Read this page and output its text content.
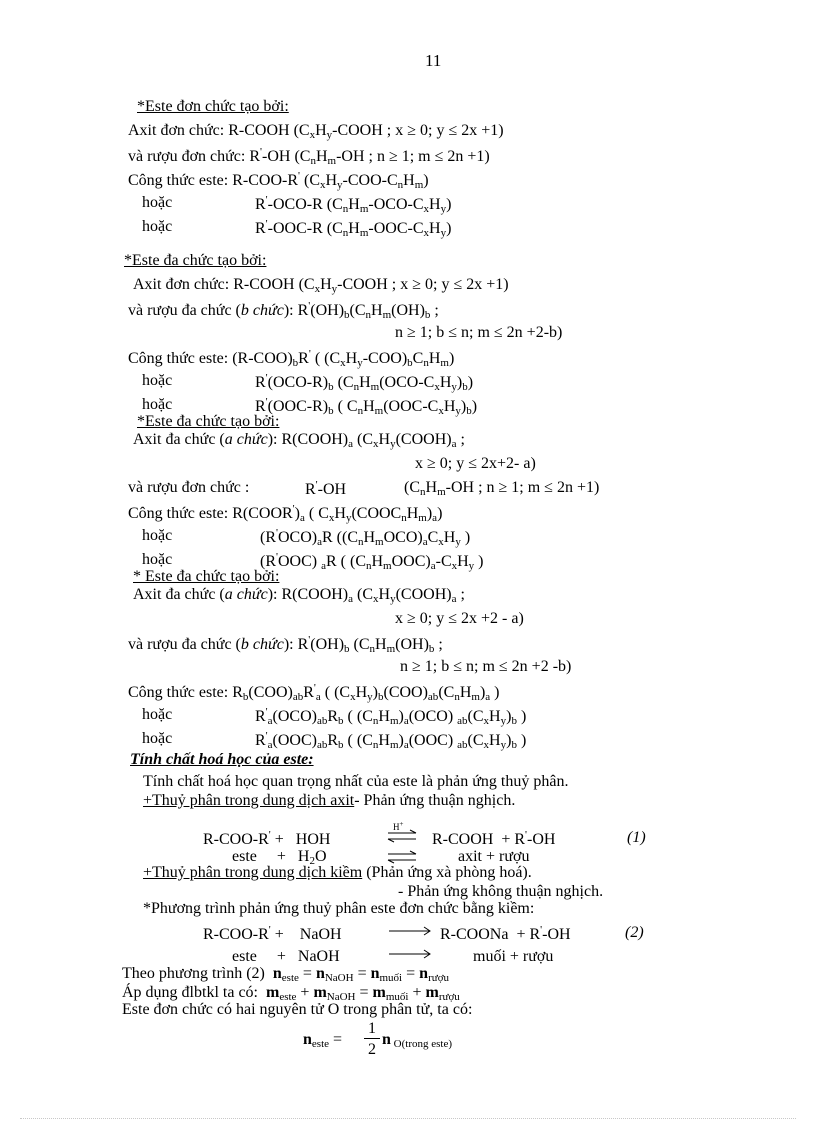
11
*Este đơn chức tạo bởi:
Axit đơn chức: R-COOH ($C_xH_y$-COOH ; x ≥ 0; y ≤ 2x +1)
và rượu đơn chức: R'-OH ($C_nH_m-OH$ ; n ≥ 1; m ≤ 2n +1)
Công thức este: R-COO-R' $(C_xH_y-COO-C_nH_m)$
hoặc	R'-OCO-R $(C_nH_m-OCO-C_xH_y)$
hoặc	R'-OOC-R $(C_nH_m-OOC-C_xH_y)$
*Este đa chức tạo bởi:
Axit đơn chức: R-COOH ($C_xH_y$-COOH ; x ≥ 0; y ≤ 2x +1)
và rượu đa chức (b chức): $R'(OH)_b(C_nH_m(OH)_b$ ;
n ≥ 1; b ≤ n; m ≤ 2n +2-b)
Công thức este: $(R-COO)_bR'$ ( $(C_xH_y-COO)_bC_nH_m$)
hoặc	$R'(OCO-R)_b$ $(C_nH_m(OCO-C_xH_y)_b)$
hoặc	$R'(OOC-R)_b$ ( $C_nH_m(OOC-C_xH_y)_b$)
*Este đa chức tạo bởi:
Axit đa chức (a chức): $R(COOH)_a$ ($C_xH_y(COOH)_a$ ;
x ≥ 0; y ≤ 2x+2- a)
và rượu đơn chức :	R'-OH	($C_nH_m-OH$ ; n ≥ 1; m ≤ 2n +1)
Công thức este: $R(COOR')_a$ ( $C_xH_y(COOC_nH_m)_a$)
hoặc	$(R'OCO)_aR$ ($(C_nH_mOCO)_aC_xH_y$ )
hoặc	(R'OOC) $_a$R ( $(C_nH_mOOC)_a-C_xH_y$ )
* Este đa chức tạo bởi:
Axit đa chức (a chức): $R(COOH)_a$ ($C_xH_y(COOH)_a$ ;
x ≥ 0; y ≤ 2x +2 - a)
và rượu đa chức (b chức): $R'(OH)_b$ ($C_nH_m(OH)_b$ ;
n ≥ 1; b ≤ n; m ≤ 2n +2 -b)
Công thức este: $R_b(COO)_{ab}R'_a$ ( $(C_xH_y)_b(COO)_{ab}(C_nH_m)_a$ )
hoặc	$R'_a(OCO)_{ab}R_b$ ( $(C_nH_m)_a(OCO)$ $_{ab}(C_xH_y)_b$ )
hoặc	$R'_a(OOC)_{ab}R_b$ ( $(C_nH_m)_a(OOC)$ $_{ab}(C_xH_y)_b$ )
Tính chất hoá học của este:
Tính chất hoá học quan trọng nhất của este là phản ứng thuỷ phân.
+Thuỷ phân trong dung dịch axit- Phản ứng thuận nghịch.
R-COO-R' +   HOH
H+
⇌ R-COOH  + R'-OH	(1)
este     +   $H_2O$	axit + rượu
+Thuỷ phân trong dung dịch kiềm (Phản ứng xà phòng hoá).
- Phản ứng không thuận nghịch.
*Phương trình phản ứng thuỷ phân este đơn chức bằng kiềm:
R-COO-R' +    NaOH	R-COONa  + R'-OH	(2)
este     +   NaOH	muối + rượu
Theo phương trình (2) $n_{este} = n_{NaOH} = n_{muối} = n_{rượu}$
Áp dụng đlbtkl ta có: $m_{este} + m_{NaOH} = m_{muối} + m_{rượu}$
Este đơn chức có hai nguyên tử O trong phân tử, ta có:
$n_{este}$ =
1
2
n O(trong este)
